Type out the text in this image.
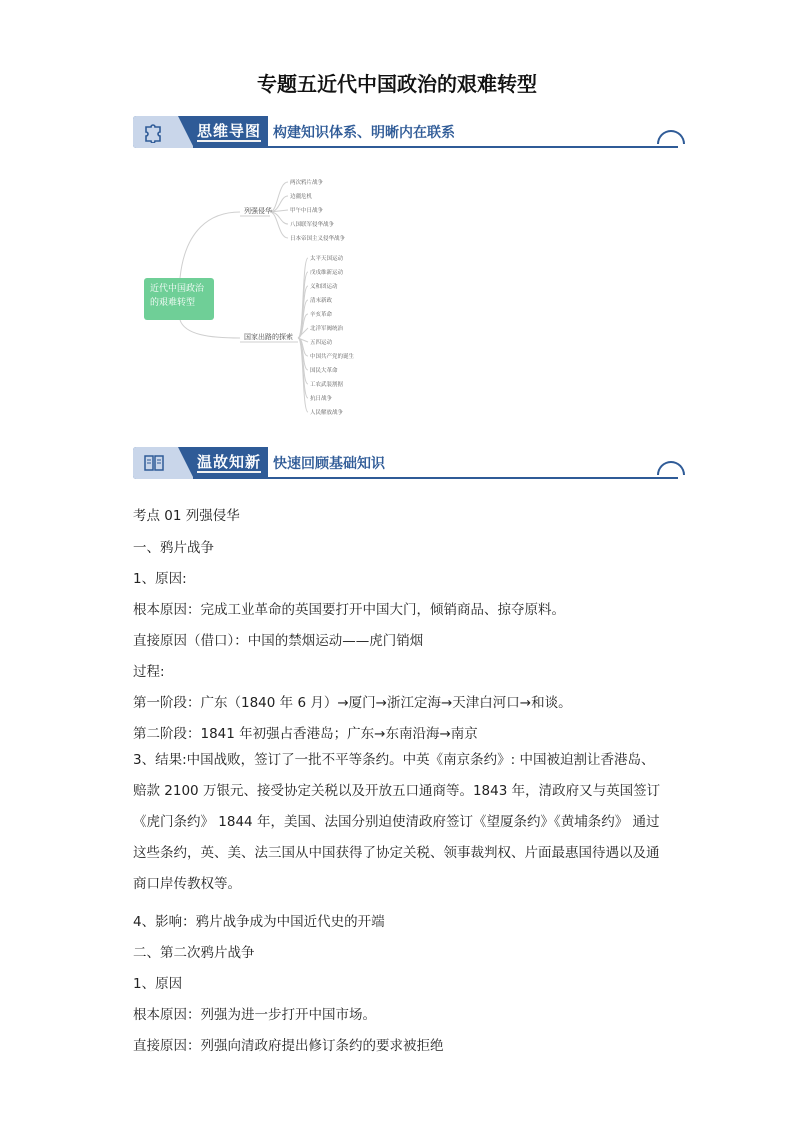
专题五近代中国政治的艰难转型
思维导图 构建知识体系、明晰内在联系
近代中国政治的艰难转型
列强侵华
国家出路的探索
两次鸦片战争
边疆危机
甲午中日战争
八国联军侵华战争
日本帝国主义侵华战争
太平天国运动
戊戌维新运动
义和团运动
清末新政
辛亥革命
北洋军阀统治
五四运动
中国共产党的诞生
国民大革命
工农武装割据
抗日战争
人民解放战争
温故知新 快速回顾基础知识
考点 01 列强侵华
一、鸦片战争
1、原因:
根本原因：完成工业革命的英国要打开中国大门，倾销商品、掠夺原料。
直接原因（借口）：中国的禁烟运动——虎门销烟
过程:
第一阶段：广东（1840 年 6 月）→厦门→浙江定海→天津白河口→和谈。
第二阶段：1841 年初强占香港岛；广东→东南沿海→南京
3、结果:中国战败，签订了一批不平等条约。中英《南京条约》: 中国被迫割让香港岛、赔款 2100 万银元、接受协定关税以及开放五口通商等。1843 年，清政府又与英国签订《虎门条约》 1844 年，美国、法国分别迫使清政府签订《望厦条约》《黄埔条约》 通过这些条约，英、美、法三国从中国获得了协定关税、领事裁判权、片面最惠国待遇以及通商口岸传教权等。
4、影响：鸦片战争成为中国近代史的开端
二、第二次鸦片战争
1、原因
根本原因：列强为进一步打开中国市场。
直接原因：列强向清政府提出修订条约的要求被拒绝
